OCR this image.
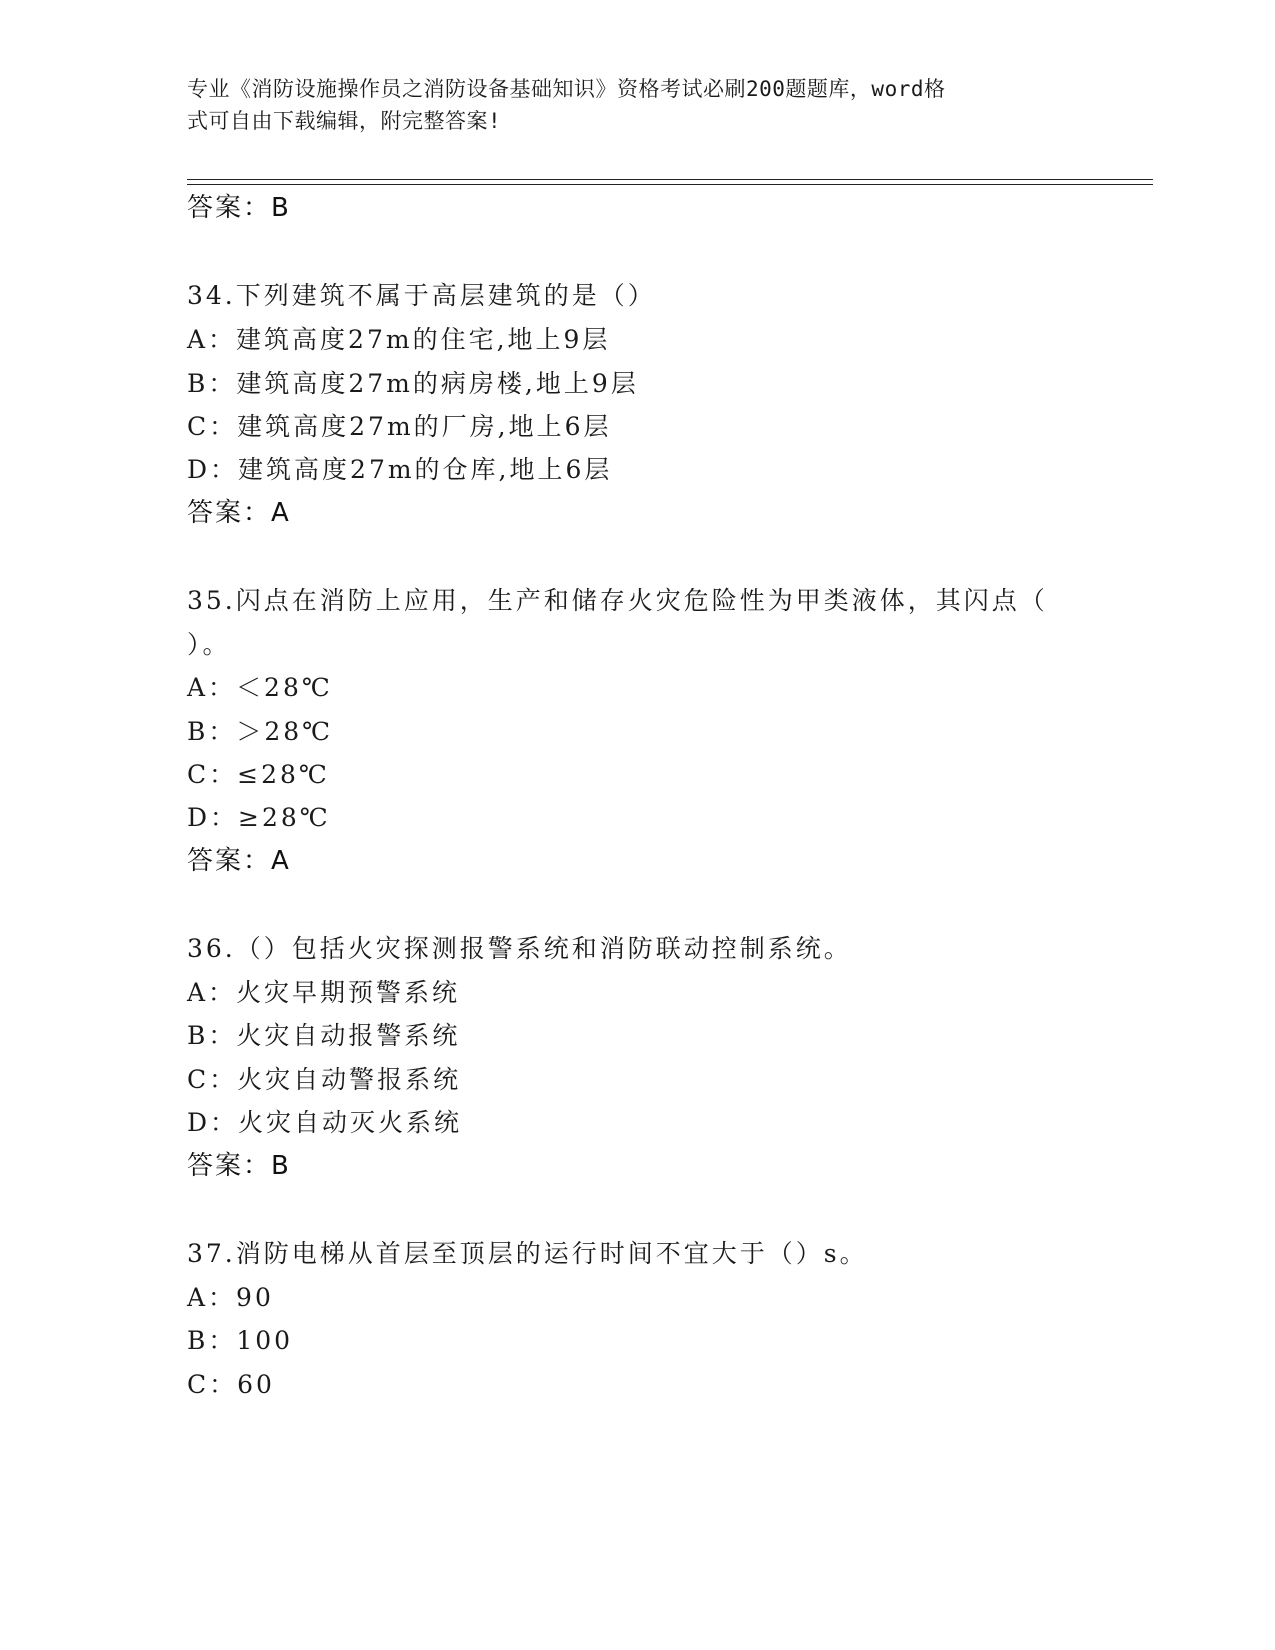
专业《消防设施操作员之消防设备基础知识》资格考试必刷200题题库，word格
式可自由下载编辑，附完整答案!
答案：B
34.下列建筑不属于高层建筑的是（）
A：建筑高度27m的住宅,地上9层
B：建筑高度27m的病房楼,地上9层
C：建筑高度27m的厂房,地上6层
D：建筑高度27m的仓库,地上6层
答案：A
35.闪点在消防上应用，生产和储存火灾危险性为甲类液体，其闪点（
）。
A：＜28℃
B：＞28℃
C：≤28℃
D：≥28℃
答案：A
36.（）包括火灾探测报警系统和消防联动控制系统。
A：火灾早期预警系统
B：火灾自动报警系统
C：火灾自动警报系统
D：火灾自动灭火系统
答案：B
37.消防电梯从首层至顶层的运行时间不宜大于（）s。
A：90
B：100
C：60
